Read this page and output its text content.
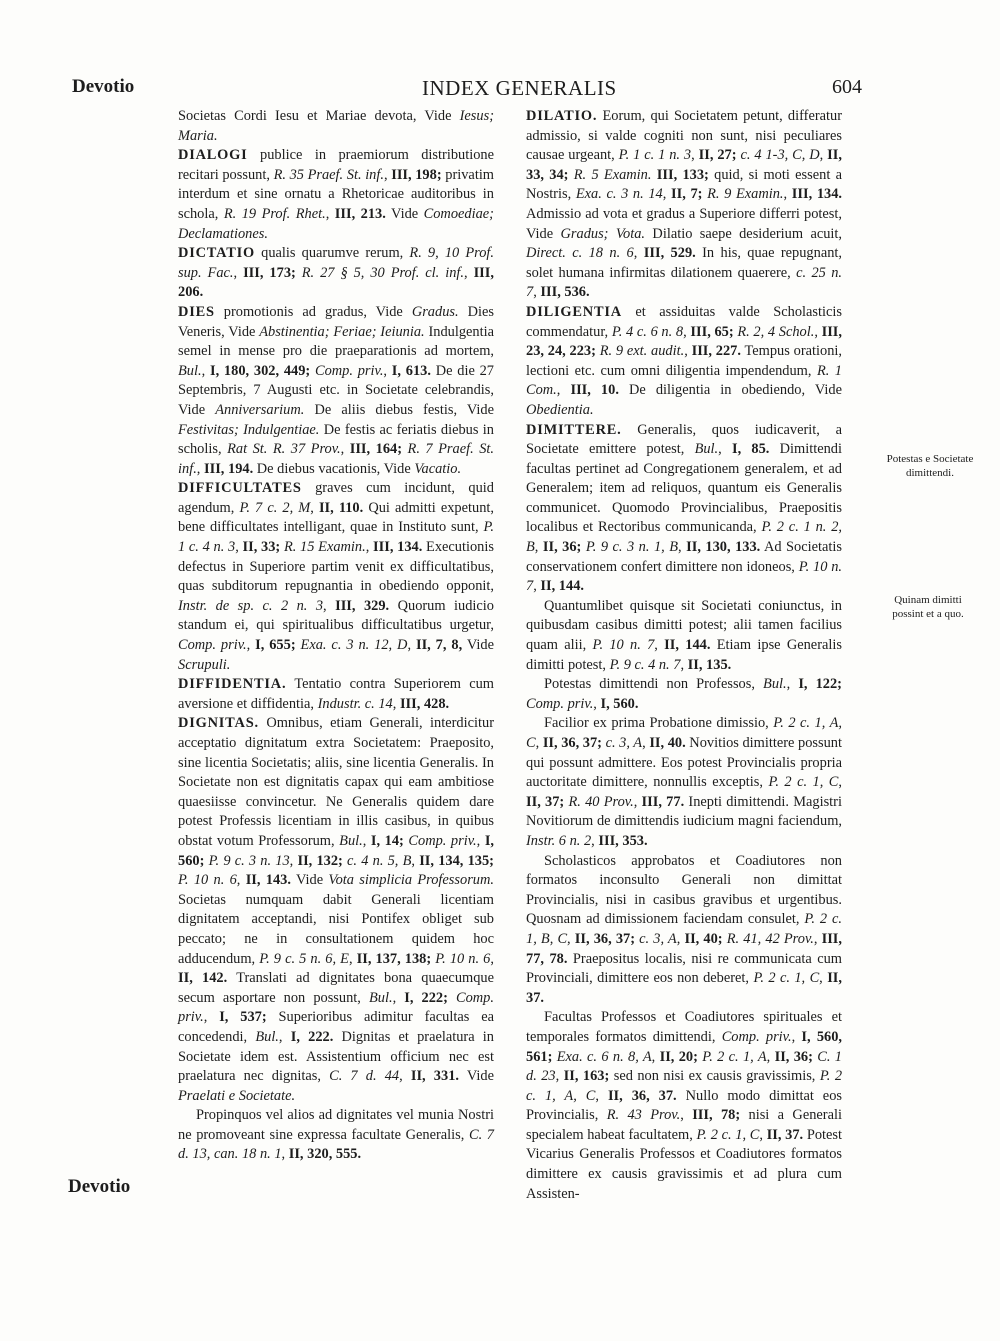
Devotio	INDEX GENERALIS	604

Societas Cordi Iesu et Mariae devota, Vide Iesus; Maria.

DIALOGI publice in praemiorum distributione recitari possunt, R. 35 Praef. St. inf., III, 198; privatim interdum et sine ornatu a Rhetoricae auditoribus in schola, R. 19 Prof. Rhet., III, 213. Vide Comoediae; Declamationes.

DICTATIO qualis quarumve rerum, R. 9, 10 Prof. sup. Fac., III, 173; R. 27 § 5, 30 Prof. cl. inf., III, 206.

DIES promotionis ad gradus, Vide Gradus. Dies Veneris, Vide Abstinentia; Feriae; Ieiunia. Indulgentia semel in mense pro die praeparationis ad mortem, Bul., I, 180, 302, 449; Comp. priv., I, 613. De die 27 Septembris, 7 Augusti etc. in Societate celebrandis, Vide Anniversarium. De aliis diebus festis, Vide Festivitas; Indulgentiae. De festis ac feriatis diebus in scholis, Rat St. R. 37 Prov., III, 164; R. 7 Praef. St. inf., III, 194. De diebus vacationis, Vide Vacatio.

DIFFICULTATES graves cum incidunt, quid agendum, P. 7 c. 2, M, II, 110. Qui admitti expetunt, bene difficultates intelligant, quae in Instituto sunt, P. 1 c. 4 n. 3, II, 33; R. 15 Examin., III, 134. Executionis defectus in Superiore partim venit ex difficultatibus, quas subditorum repugnantia in obediendo opponit, Instr. de sp. c. 2 n. 3, III, 329. Quorum iudicio standum ei, qui spiritualibus difficultatibus urgetur, Comp. priv., I, 655; Exa. c. 3 n. 12, D, II, 7, 8, Vide Scrupuli.

DIFFIDENTIA. Tentatio contra Superiorem cum aversione et diffidentia, Industr. c. 14, III, 428.

DIGNITAS. Omnibus, etiam Generali, interdicitur acceptatio dignitatum extra Societatem: Praeposito, sine licentia Societatis; aliis, sine licentia Generalis. In Societate non est dignitatis capax qui eam ambitiose quaesiisse convincetur. Ne Generalis quidem dare potest Professis licentiam in illis casibus, in quibus obstat votum Professorum, Bul., I, 14; Comp. priv., I, 560; P. 9 c. 3 n. 13, II, 132; c. 4 n. 5, B, II, 134, 135; P. 10 n. 6, II, 143. Vide Vota simplicia Professorum. Societas numquam dabit Generali licentiam dignitatem acceptandi, nisi Pontifex obliget sub peccato; ne in consultationem quidem hoc adducendum, P. 9 c. 5 n. 6, E, II, 137, 138; P. 10 n. 6, II, 142. Translati ad dignitates bona quaecumque secum asportare non possunt, Bul., I, 222; Comp. priv., I, 537; Superioribus adimitur facultas ea concedendi, Bul., I, 222. Dignitas et praelatura in Societate idem est. Assistentium officium nec est praelatura nec dignitas, C. 7 d. 44, II, 331. Vide Praelati e Societate.

Propinquos vel alios ad dignitates vel munia Nostri ne promoveant sine expressa facultate Generalis, C. 7 d. 13, can. 18 n. 1, II, 320, 555.

DILATIO. Eorum, qui Societatem petunt, differatur admissio, si valde cogniti non sunt, nisi peculiares causae urgeant, P. 1 c. 1 n. 3, II, 27; c. 4 1-3, C, D, II, 33, 34; R. 5 Examin. III, 133; quid, si moti essent a Nostris, Exa. c. 3 n. 14, II, 7; R. 9 Examin., III, 134. Admissio ad vota et gradus a Superiore differri potest, Vide Gradus; Vota. Dilatio saepe desiderium acuit, Direct. c. 18 n. 6, III, 529. In his, quae repugnant, solet humana infirmitas dilationem quaerere, c. 25 n. 7, III, 536.

DILIGENTIA et assiduitas valde Scholasticis commendatur, P. 4 c. 6 n. 8, III, 65; R. 2, 4 Schol., III, 23, 24, 223; R. 9 ext. audit., III, 227. Tempus orationi, lectioni etc. cum omni diligentia impendendum, R. 1 Com., III, 10. De diligentia in obediendo, Vide Obedientia.

DIMITTERE. Generalis, quos iudicaverit, a Societate emittere potest, Bul., I, 85. Dimittendi facultas pertinet ad Congregationem generalem, et ad Generalem; item ad reliquos, quantum eis Generalis communicet. Quomodo Provincialibus, Praepositis localibus et Rectoribus communicanda, P. 2 c. 1 n. 2, B, II, 36; P. 9 c. 3 n. 1, B, II, 130, 133. Ad Societatis conservationem confert dimittere non idoneos, P. 10 n. 7, II, 144.

Quantumlibet quisque sit Societati coniunctus, in quibusdam casibus dimitti potest; alii tamen facilius quam alii, P. 10 n. 7, II, 144. Etiam ipse Generalis dimitti potest, P. 9 c. 4 n. 7, II, 135.

Potestas dimittendi non Professos, Bul., I, 122; Comp. priv., I, 560.

Facilior ex prima Probatione dimissio, P. 2 c. 1, A, C, II, 36, 37; c. 3, A, II, 40. Novitios dimittere possunt qui possunt admittere. Eos potest Provincialis propria auctoritate dimittere, nonnullis exceptis, P. 2 c. 1, C, II, 37; R. 40 Prov., III, 77. Inepti dimittendi. Magistri Novitiorum de dimittendis iudicium magni faciendum, Instr. 6 n. 2, III, 353.

Scholasticos approbatos et Coadiutores non formatos inconsulto Generali non dimittat Provincialis, nisi in casibus gravibus et urgentibus. Quosnam ad dimissionem faciendam consulet, P. 2 c. 1, B, C, II, 36, 37; c. 3, A, II, 40; R. 41, 42 Prov., III, 77, 78. Praepositus localis, nisi re communicata cum Provinciali, dimittere eos non deberet, P. 2 c. 1, C, II, 37.

Facultas Professos et Coadiutores spirituales et temporales formatos dimittendi, Comp. priv., I, 560, 561; Exa. c. 6 n. 8, A, II, 20; P. 2 c. 1, A, II, 36; C. 1 d. 23, II, 163; sed non nisi ex causis gravissimis, P. 2 c. 1, A, C, II, 36, 37. Nullo modo dimittat eos Provincialis, R. 43 Prov., III, 78; nisi a Generali specialem habeat facultatem, P. 2 c. 1, C, II, 37. Potest Vicarius Generalis Professos et Coadiutores formatos dimittere ex causis gravissimis et ad plura cum Assisten-

Potestas e Societate dimittendi.
Quinam dimitti possint et a quo.
Devotio
